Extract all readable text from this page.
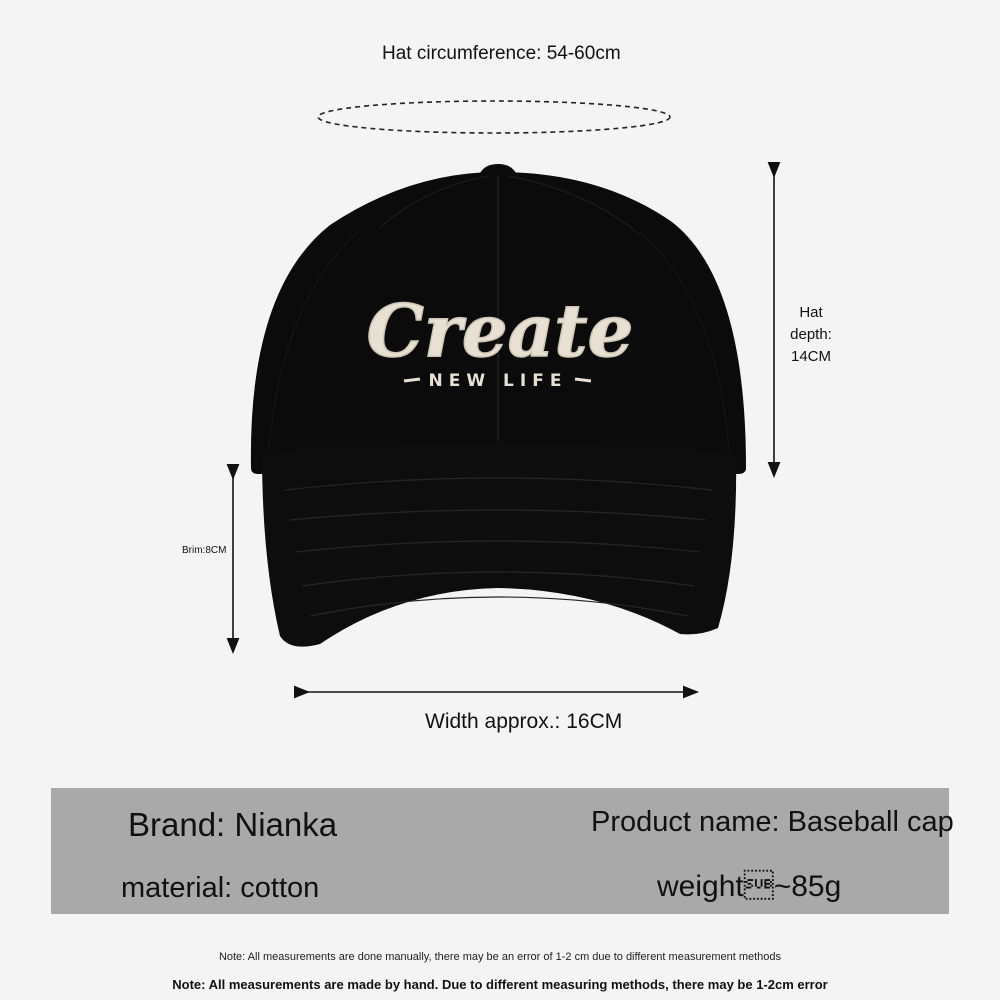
Hat circumference: 54-60cm
Create
NEW LIFE
Hat
depth:
14CM
Brim:8CM
Width approx.: 16CM
Brand: Nianka	Product name: Baseball cap
material: cotton	weight~85g
Note: All measurements are done manually, there may be an error of 1-2 cm due to different measurement methods
Note: All measurements are made by hand. Due to different measuring methods, there may be 1-2cm error
